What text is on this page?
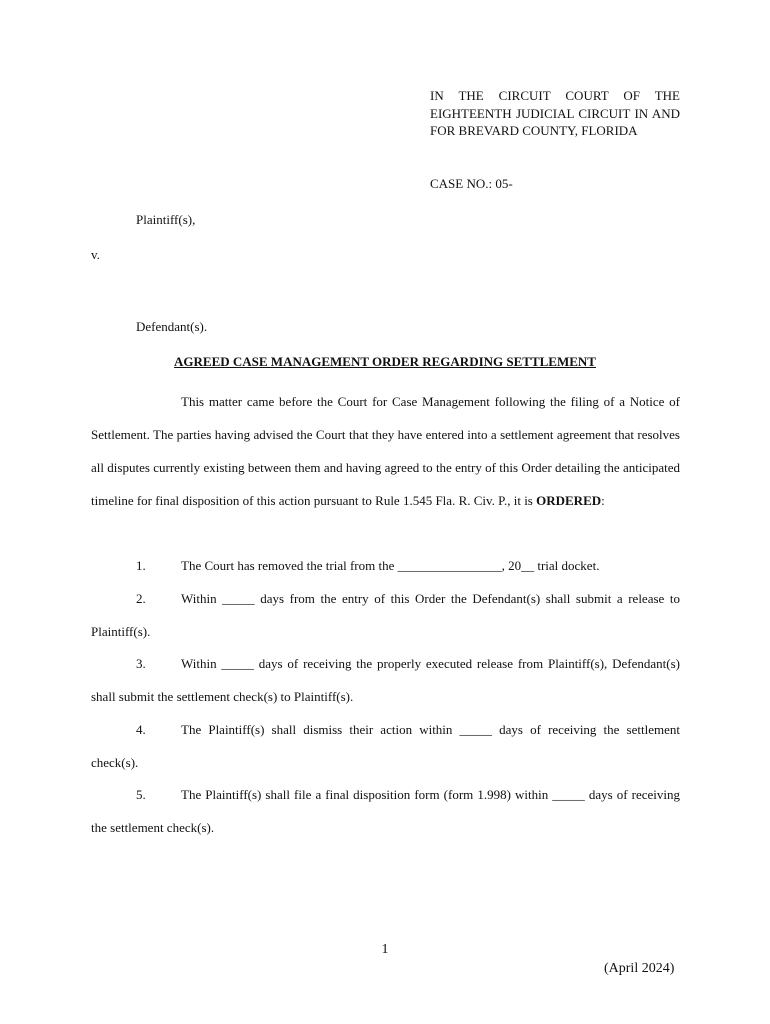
IN THE CIRCUIT COURT OF THE EIGHTEENTH JUDICIAL CIRCUIT IN AND FOR BREVARD COUNTY, FLORIDA
CASE NO.: 05-
Plaintiff(s),
v.
Defendant(s).
AGREED CASE MANAGEMENT ORDER REGARDING SETTLEMENT

This matter came before the Court for Case Management following the filing of a Notice of Settlement. The parties having advised the Court that they have entered into a settlement agreement that resolves all disputes currently existing between them and having agreed to the entry of this Order detailing the anticipated timeline for final disposition of this action pursuant to Rule 1.545 Fla. R. Civ. P., it is ORDERED:

1.	The Court has removed the trial from the ________________, 20__ trial docket.

2.	Within _____ days from the entry of this Order the Defendant(s) shall submit a release to Plaintiff(s).

3.	Within _____ days of receiving the properly executed release from Plaintiff(s), Defendant(s) shall submit the settlement check(s) to Plaintiff(s).

4.	The Plaintiff(s) shall dismiss their action within _____ days of receiving the settlement check(s).

5.	The Plaintiff(s) shall file a final disposition form (form 1.998) within _____ days of receiving the settlement check(s).

1
(April 2024)
